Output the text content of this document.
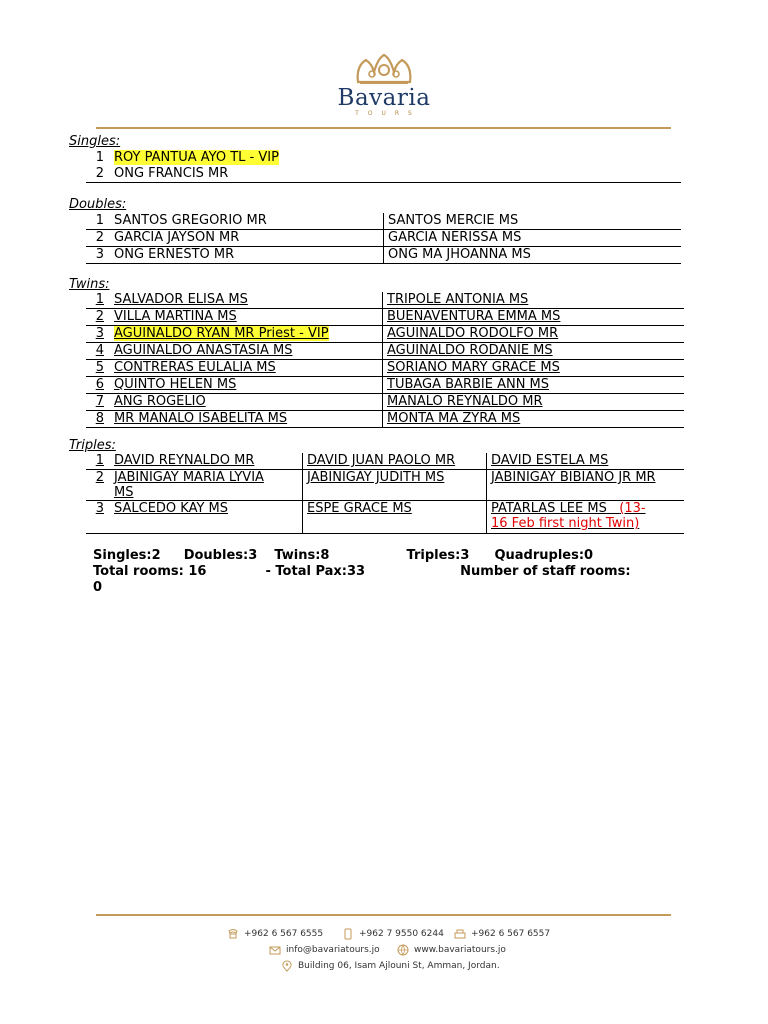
Bavaria
TOURS
Singles:
1	ROY PANTUA AYO TL - VIP
2	ONG FRANCIS MR
Doubles:
1	SANTOS GREGORIO MR	SANTOS MERCIE MS
2	GARCIA JAYSON MR	GARCIA NERISSA MS
3	ONG ERNESTO MR	ONG MA JHOANNA MS
Twins:
1	SALVADOR ELISA MS	TRIPOLE ANTONIA MS
2	VILLA MARTINA MS	BUENAVENTURA EMMA MS
3	AGUINALDO RYAN MR Priest - VIP	AGUINALDO RODOLFO MR
4	AGUINALDO ANASTASIA MS	AGUINALDO RODANIE MS
5	CONTRERAS EULALIA MS	SORIANO MARY GRACE MS
6	QUINTO HELEN MS	TUBAGA BARBIE ANN MS
7	ANG ROGELIO	MANALO REYNALDO MR
8	MR MANALO ISABELITA MS	MONTA MA ZYRA MS
Triples:
1	DAVID REYNALDO MR	DAVID JUAN PAOLO MR	DAVID ESTELA MS
2	JABINIGAY MARIA LYVIA
MS	JABINIGAY JUDITH MS	JABINIGAY BIBIANO JR MR
3	SALCEDO KAY MS	ESPE GRACE MS	PATARLAS LEE MS (13-
16 Feb first night Twin)
Singles:2 Doubles:3 Twins:8	Triples:3 Quadruples:0
Total rooms: 16	- Total Pax:33	Number of staff rooms:
0
+962 6 567 6555	+962 7 9550 6244	+962 6 567 6557
info@bavariatours.jo	www.bavariatours.jo
Building 06, Isam Ajlouni St, Amman, Jordan.
